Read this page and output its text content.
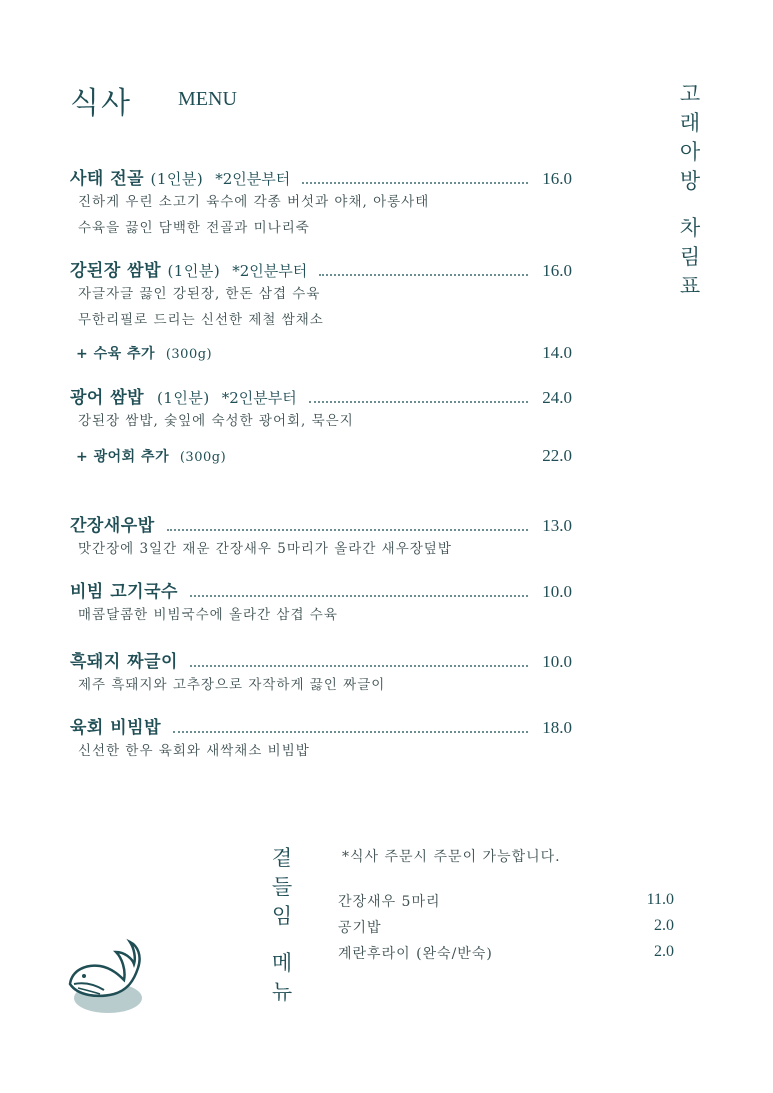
식사 MENU	고
래
아
방
차
림
표
사태 전골 (1인분) *2인분부터	16.0
진하게 우린 소고기 육수에 각종 버섯과 야채, 아롱사태
수육을 끓인 담백한 전골과 미나리죽
강된장 쌈밥 (1인분) *2인분부터	16.0
자글자글 끓인 강된장, 한돈 삼겹 수육
무한리필로 드리는 신선한 제철 쌈채소
+ 수육 추가 (300g)	14.0
광어 쌈밥 (1인분) *2인분부터	24.0
강된장 쌈밥, 숯잎에 숙성한 광어회, 묵은지
+ 광어회 추가 (300g)	22.0
간장새우밥	13.0
맛간장에 3일간 재운 간장새우 5마리가 올라간 새우장덮밥
비빔 고기국수	10.0
매콤달콤한 비빔국수에 올라간 삼겹 수육
흑돼지 짜글이	10.0
제주 흑돼지와 고추장으로 자작하게 끓인 짜글이
육회 비빔밥	18.0
신선한 한우 육회와 새싹채소 비빔밥
곁
들
임
메
뉴
*식사 주문시 주문이 가능합니다.
간장새우 5마리	11.0
공기밥	2.0
계란후라이 (완숙/반숙)	2.0
